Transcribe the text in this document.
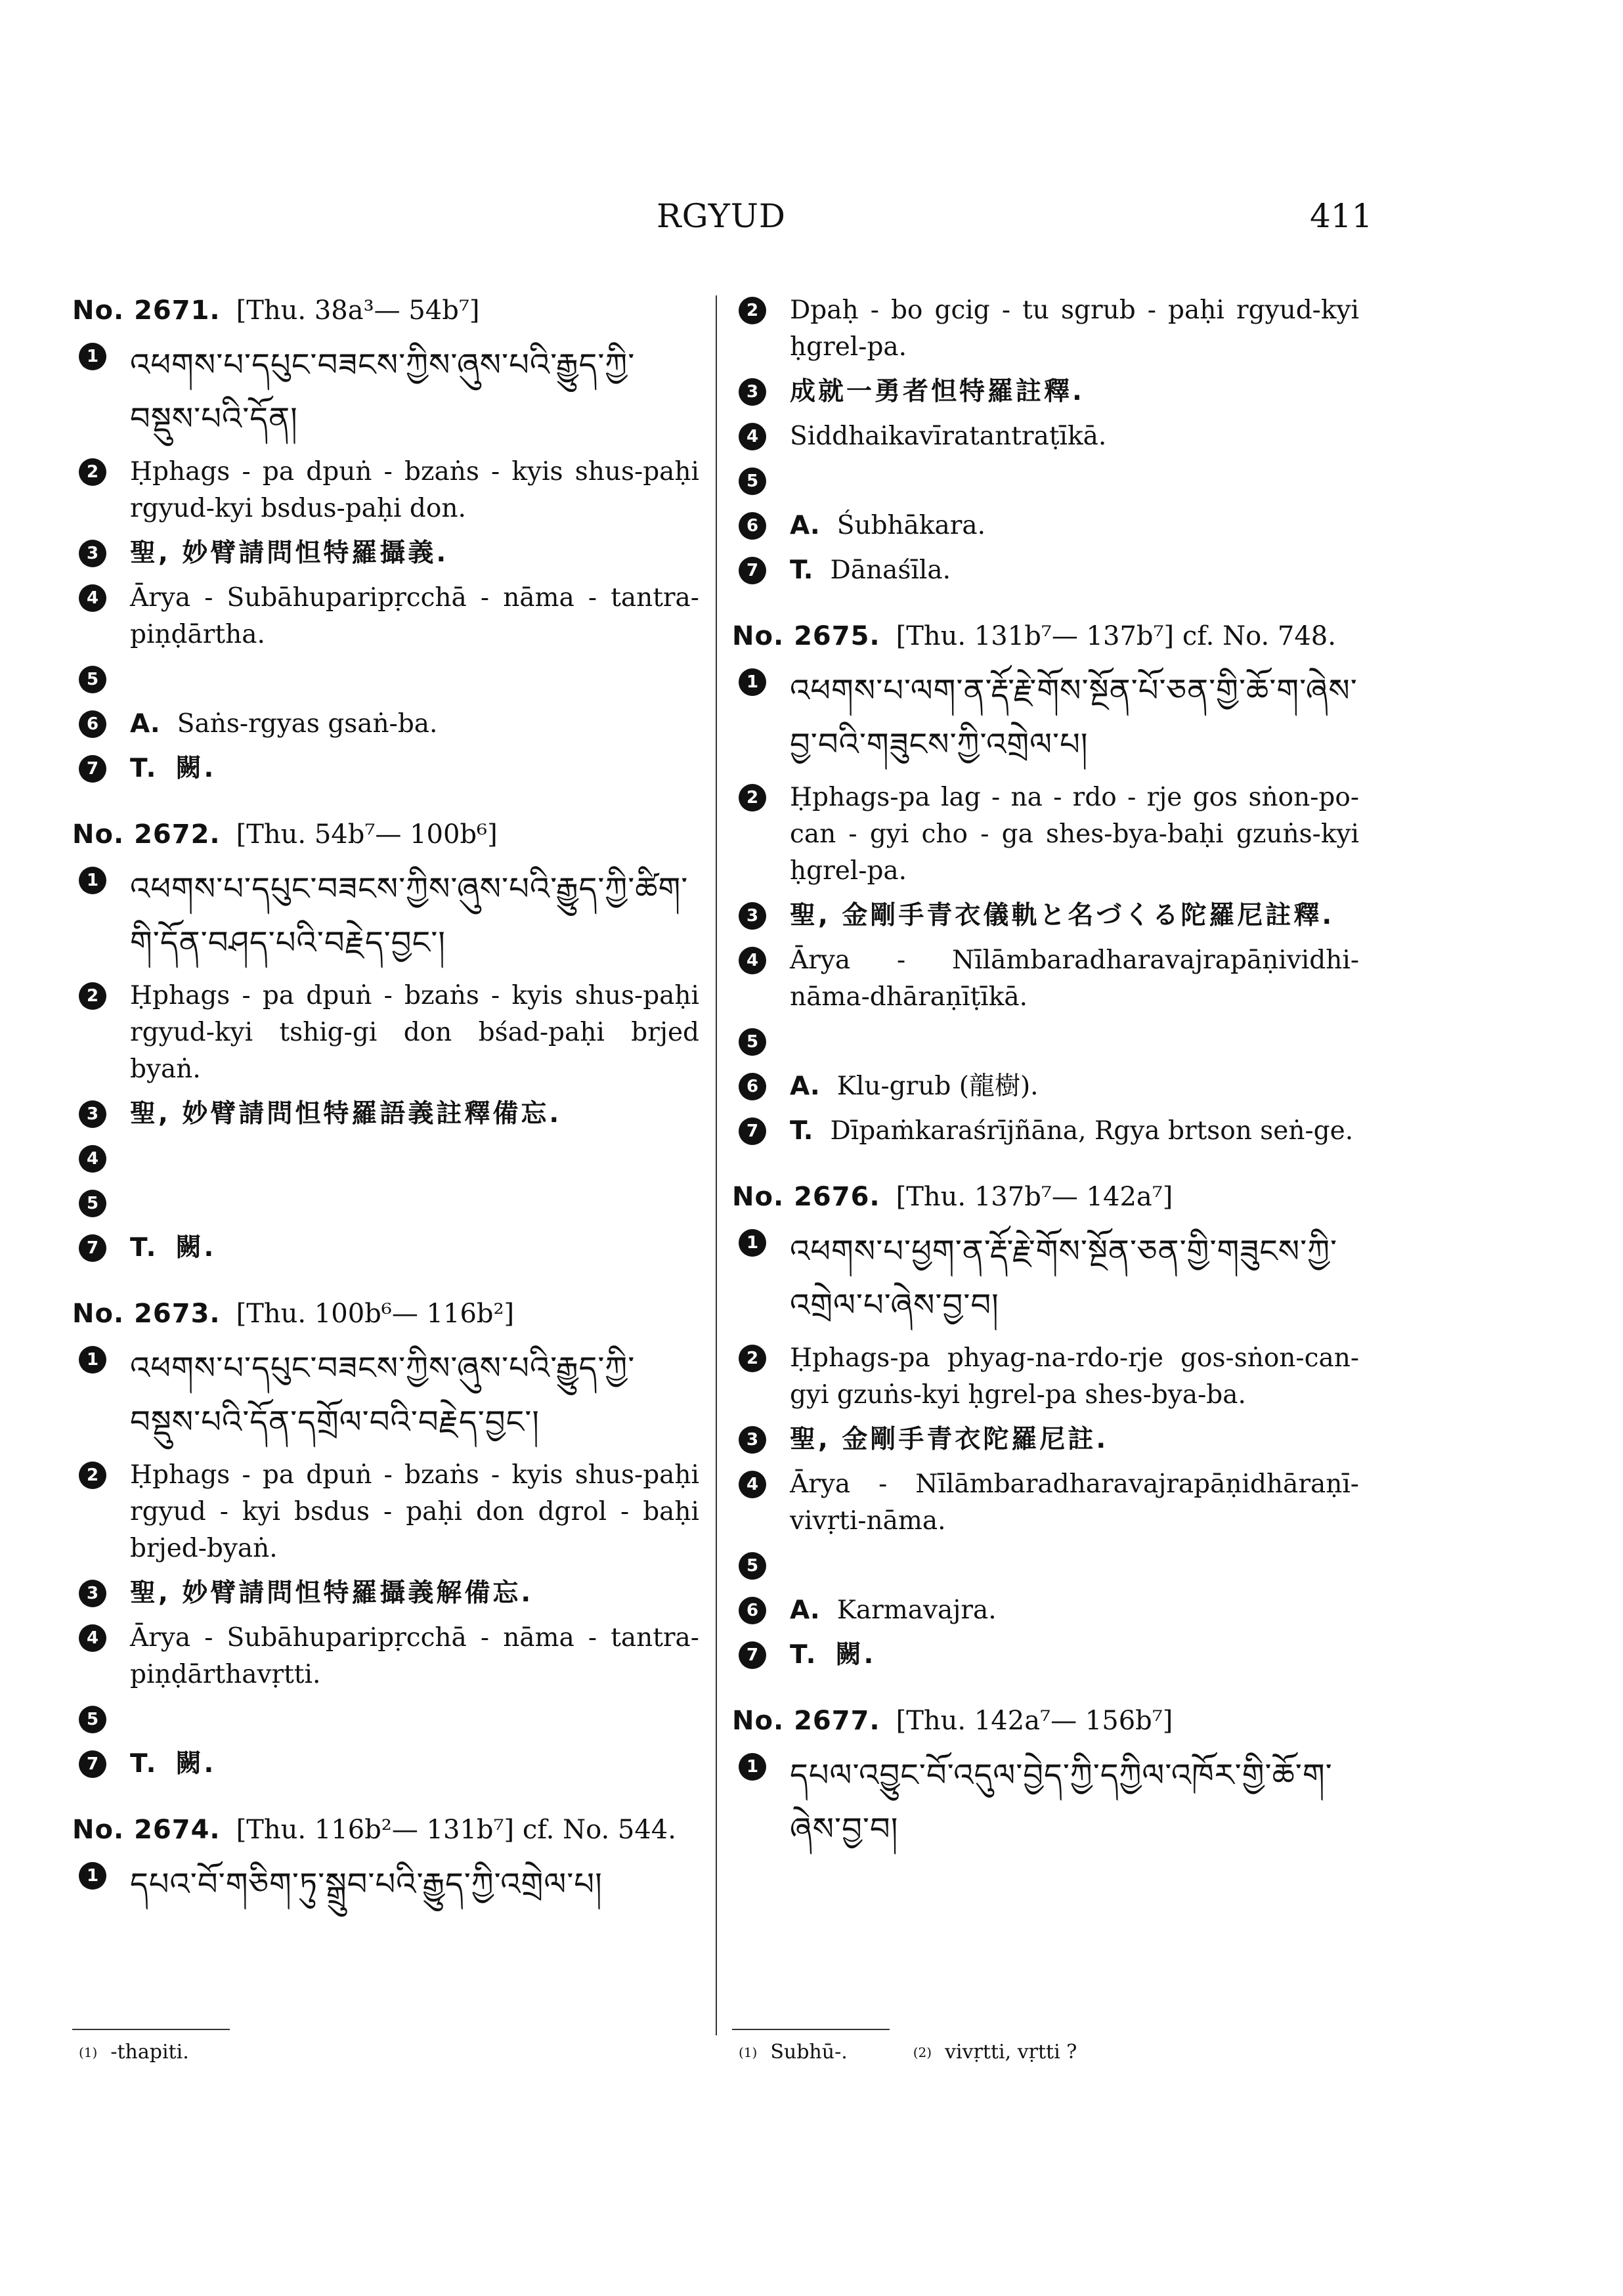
RGYUD	411
No. 2671. [Thu. 38a³— 54b⁷]
1 འཕགས་པ་དཔུང་བཟངས་ཀྱིས་ཞུས་པའི་རྒྱུད་ཀྱི་བསྡུས་པའི་དོན།
2	Ḥphags - pa dpuṅ - bzaṅs - kyis shus-paḥi rgyud-kyi bsdus-paḥi don.
3	聖, 妙臂請問怛特羅攝義.
4	Ārya - Subāhuparipṛcchā - nāma - tantra-piṇḍārtha.
5
6	A. Saṅs-rgyas gsaṅ-ba.
7	T. 闕.
No. 2672. [Thu. 54b⁷— 100b⁶]
1 འཕགས་པ་དཔུང་བཟངས་ཀྱིས་ཞུས་པའི་རྒྱུད་ཀྱི་ཚིག་གི་དོན་བཤད་པའི་བརྗེད་བྱང་།
2	Ḥphags - pa dpuṅ - bzaṅs - kyis shus-paḥi rgyud-kyi tshig-gi don bśad-paḥi brjed byaṅ.
3	聖, 妙臂請問怛特羅語義註釋備忘.
4
5
7	T. 闕.
No. 2673. [Thu. 100b⁶— 116b²]
1 འཕགས་པ་དཔུང་བཟངས་ཀྱིས་ཞུས་པའི་རྒྱུད་ཀྱི་བསྡུས་པའི་དོན་དགྲོལ་བའི་བརྗེད་བྱང་།
2	Ḥphags - pa dpuṅ - bzaṅs - kyis shus-paḥi rgyud - kyi bsdus - paḥi don dgrol - baḥi brjed-byaṅ.
3	聖, 妙臂請問怛特羅攝義解備忘.
4	Ārya - Subāhuparipṛcchā - nāma - tantra-piṇḍārthavṛtti.
5
7	T. 闕.
No. 2674. [Thu. 116b²— 131b⁷] cf. No. 544.
1 དཔའ་བོ་གཅིག་ཏུ་སྒྲུབ་པའི་རྒྱུད་ཀྱི་འགྲེལ་པ།
2	Dpaḥ - bo gcig - tu sgrub - paḥi rgyud-kyi ḥgrel-pa.
3	成就一勇者怛特羅註釋.
4	Siddhaikavīratantraṭīkā.
5
6	A. Śubhākara.
7	T. Dānaśīla.
No. 2675. [Thu. 131b⁷— 137b⁷] cf. No. 748.
1 འཕགས་པ་ལག་ན་རྡོ་རྗེ་གོས་སྔོན་པོ་ཅན་གྱི་ཆོ་ག་ཞེས་བྱ་བའི་གཟུངས་ཀྱི་འགྲེལ་པ།
2	Ḥphags-pa lag - na - rdo - rje gos sṅon-po-can - gyi cho - ga shes-bya-baḥi gzuṅs-kyi ḥgrel-pa.
3	聖, 金剛手青衣儀軌と名づくる陀羅尼註釋.
4	Ārya - Nīlāmbaradharavajrapāṇividhi-nāma-dhāraṇīṭīkā.
5
6	A. Klu-grub (龍樹).
7	T. Dīpaṁkaraśrījñāna, Rgya brtson seṅ-ge.
No. 2676. [Thu. 137b⁷— 142a⁷]
1 འཕགས་པ་ཕྱག་ན་རྡོ་རྗེ་གོས་སྔོན་ཅན་གྱི་གཟུངས་ཀྱི་འགྲེལ་པ་ཞེས་བྱ་བ།
2	Ḥphags-pa phyag-na-rdo-rje gos-sṅon-can-gyi gzuṅs-kyi ḥgrel-pa shes-bya-ba.
3	聖, 金剛手青衣陀羅尼註.
4	Ārya - Nīlāmbaradharavajrapāṇidhāraṇī-vivṛti-nāma.
5
6	A. Karmavajra.
7	T. 闕.
No. 2677. [Thu. 142a⁷— 156b⁷]
1 དཔལ་འབྱུང་བོ་འདུལ་བྱེད་ཀྱི་དཀྱིལ་འཁོར་གྱི་ཆོ་ག་ཞེས་བྱ་བ།
(1) -thapiti.	(1) Subhū-.	(2) vivṛtti, vṛtti ?
